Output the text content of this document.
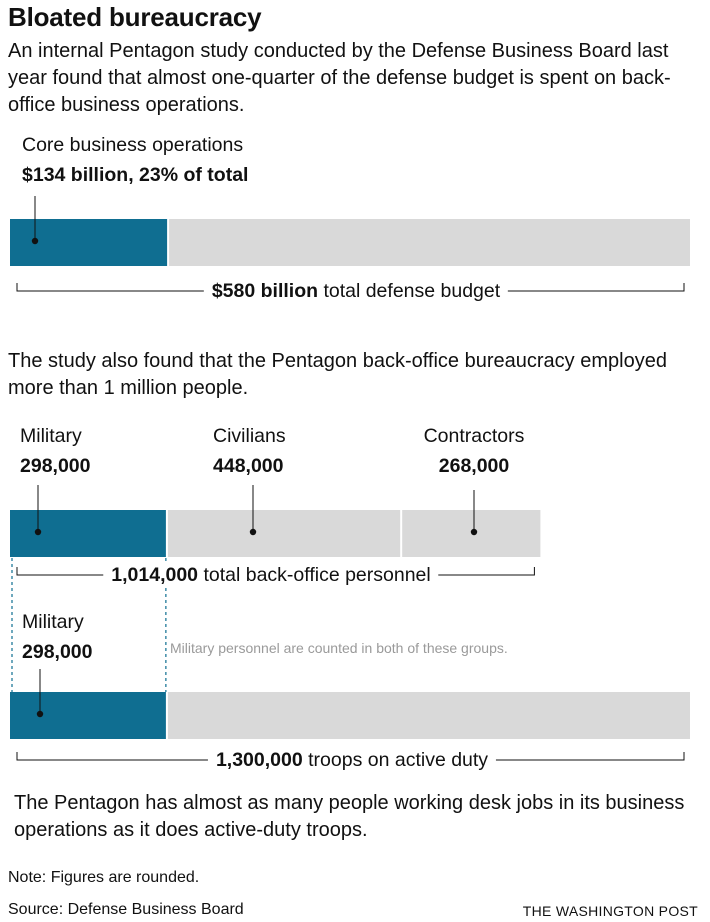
Bloated bureaucracy
An internal Pentagon study conducted by the Defense Business Board last year found that almost one-quarter of the defense budget is spent on back-office business operations.
Core business operations
$134 billion, 23% of total
The study also found that the Pentagon back-office bureaucracy employed more than 1 million people.
Military
298,000
Civilians
448,000
Contractors
268,000
Military
298,000	Military personnel are counted in both of these groups.
$580 billion total defense budget
1,014,000 total back-office personnel
1,300,000 troops on active duty
The Pentagon has almost as many people working desk jobs in its business operations as it does active-duty troops.
Note: Figures are rounded.
Source: Defense Business Board	THE WASHINGTON POST
